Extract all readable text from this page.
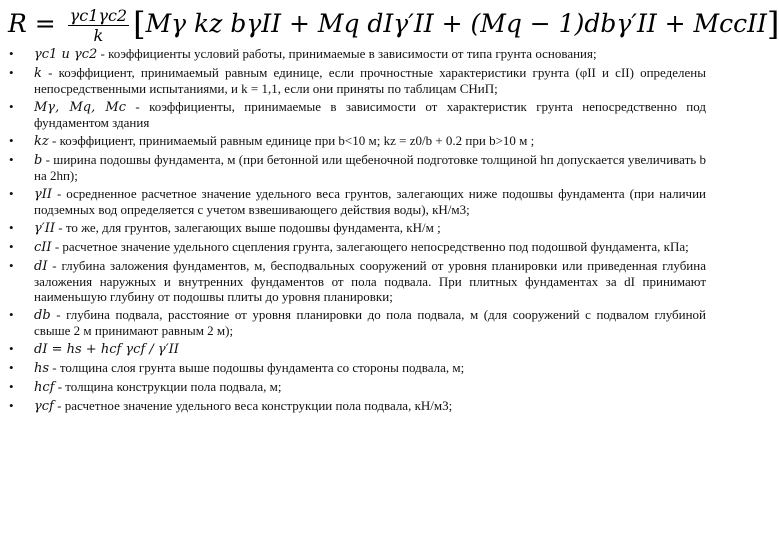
$R = \frac{\gamma c1\gamma c2}{k} [M\gamma$ kz bγII + Mq dIγ′II + (Mq − 1)dbγ′II + McсII]
• γc1 и γc2 - коэффициенты условий работы, принимаемые в зависимости от типа грунта основания;
• k - коэффициент, принимаемый равным единице, если прочностные характеристики грунта (φII и cII) определены непосредственными испытаниями, и k = 1,1, если они приняты по таблицам СНиП;
• Mγ, Mq, Mc - коэффициенты, принимаемые в зависимости от характеристик грунта непосредственно под фундаментом здания
• kz - коэффициент, принимаемый равным единице при b<10 м; kz = z0/b + 0.2 при b>10 м ;
• b - ширина подошвы фундамента, м (при бетонной или щебеночной подготовке толщиной hп допускается увеличивать b на 2hп);
• γII - осредненное расчетное значение удельного веса грунтов, залегающих ниже подошвы фундамента (при наличии подземных вод определяется с учетом взвешивающего действия воды), кН/м3;
• γ′II - то же, для грунтов, залегающих выше подошвы фундамента, кН/м ;
• cII - расчетное значение удельного сцепления грунта, залегающего непосредственно под подошвой фундамента, кПа;
• dI - глубина заложения фундаментов, м, бесподвальных сооружений от уровня планировки или приведенная глубина заложения наружных и внутренних фундаментов от пола подвала. При плитных фундаментах за dI принимают наименьшую глубину от подошвы плиты до уровня планировки;
• db - глубина подвала, расстояние от уровня планировки до пола подвала, м (для сооружений с подвалом глубиной свыше 2 м принимают равным 2 м);
• dI = hs + hcf γcf / γ′II
• hs - толщина слоя грунта выше подошвы фундамента со стороны подвала, м;
• hcf - толщина конструкции пола подвала, м;
• γcf - расчетное значение удельного веса конструкции пола подвала, кН/м3;
